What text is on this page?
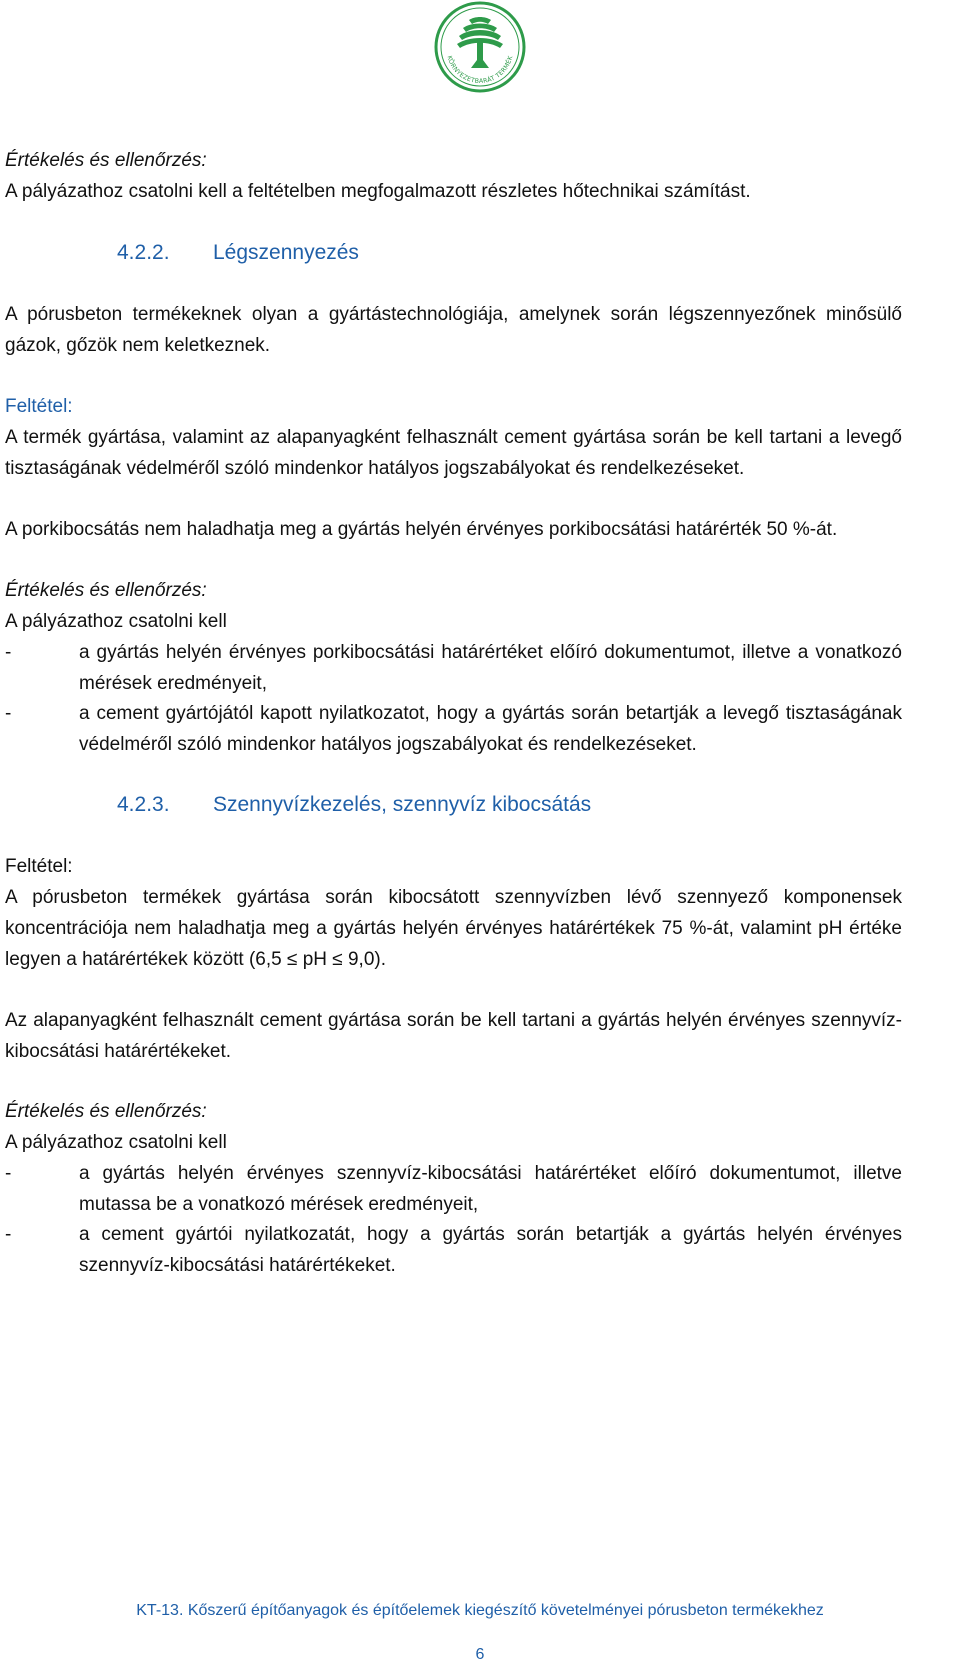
KÖRNYEZETBARÁT TERMÉK

Értékelés és ellenőrzés:

A pályázathoz csatolni kell a feltételben megfogalmazott részletes hőtechnikai számítást.

4.2.2. Légszennyezés

A pórusbeton termékeknek olyan a gyártástechnológiája, amelynek során légszennyezőnek minősülő gázok, gőzök nem keletkeznek.

Feltétel:

A termék gyártása, valamint az alapanyagként felhasznált cement gyártása során be kell tartani a levegő tisztaságának védelméről szóló mindenkor hatályos jogszabályokat és rendelkezéseket.

A porkibocsátás nem haladhatja meg a gyártás helyén érvényes porkibocsátási határérték 50 %-át.

Értékelés és ellenőrzés:

A pályázathoz csatolni kell

-	a gyártás helyén érvényes porkibocsátási határértéket előíró dokumentumot, illetve a vonatkozó mérések eredményeit,
-	a cement gyártójától kapott nyilatkozatot, hogy a gyártás során betartják a levegő tisztaságának védelméről szóló mindenkor hatályos jogszabályokat és rendelkezéseket.
4.2.3. Szennyvízkezelés, szennyvíz kibocsátás

Feltétel:

A pórusbeton termékek gyártása során kibocsátott szennyvízben lévő szennyező komponensek koncentrációja nem haladhatja meg a gyártás helyén érvényes határértékek 75 %-át, valamint pH értéke legyen a határértékek között (6,5 ≤ pH ≤ 9,0).

Az alapanyagként felhasznált cement gyártása során be kell tartani a gyártás helyén érvényes szennyvíz-kibocsátási határértékeket.

Értékelés és ellenőrzés:

A pályázathoz csatolni kell

-	a gyártás helyén érvényes szennyvíz-kibocsátási határértéket előíró dokumentumot, illetve mutassa be a vonatkozó mérések eredményeit,
-	a cement gyártói nyilatkozatát, hogy a gyártás során betartják a gyártás helyén érvényes szennyvíz-kibocsátási határértékeket.
KT-13. Kőszerű építőanyagok és építőelemek kiegészítő követelményei pórusbeton termékekhez
6
